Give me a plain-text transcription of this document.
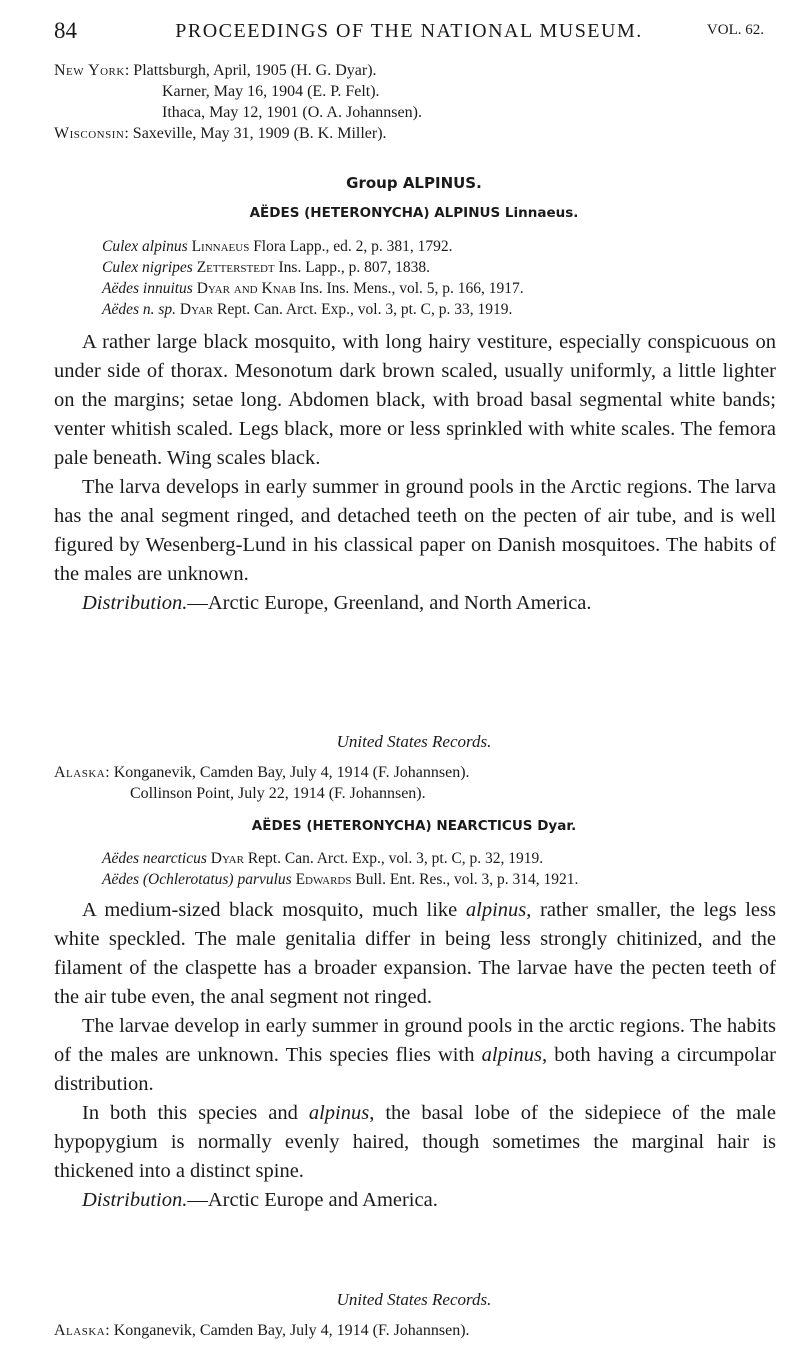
84	PROCEEDINGS OF THE NATIONAL MUSEUM.	VOL. 62.

New York: Plattsburgh, April, 1905 (H. G. Dyar).

Karner, May 16, 1904 (E. P. Felt).

Ithaca, May 12, 1901 (O. A. Johannsen).

Wisconsin: Saxeville, May 31, 1909 (B. K. Miller).

Group ALPINUS.

AËDES (HETERONYCHA) ALPINUS Linnaeus.

Culex alpinus Linnaeus Flora Lapp., ed. 2, p. 381, 1792.

Culex nigripes Zetterstedt Ins. Lapp., p. 807, 1838.

Aëdes innuitus Dyar and Knab Ins. Ins. Mens., vol. 5, p. 166, 1917.

Aëdes n. sp. Dyar Rept. Can. Arct. Exp., vol. 3, pt. C, p. 33, 1919.

A rather large black mosquito, with long hairy vestiture, especially conspicuous on under side of thorax. Mesonotum dark brown scaled, usually uniformly, a little lighter on the margins; setae long. Abdomen black, with broad basal segmental white bands; venter whitish scaled. Legs black, more or less sprinkled with white scales. The femora pale beneath. Wing scales black.

The larva develops in early summer in ground pools in the Arctic regions. The larva has the anal segment ringed, and detached teeth on the pecten of air tube, and is well figured by Wesenberg-Lund in his classical paper on Danish mosquitoes. The habits of the males are unknown.

Distribution.—Arctic Europe, Greenland, and North America.

United States Records.

Alaska: Konganevik, Camden Bay, July 4, 1914 (F. Johannsen).

Collinson Point, July 22, 1914 (F. Johannsen).

AËDES (HETERONYCHA) NEARCTICUS Dyar.

Aëdes nearcticus Dyar Rept. Can. Arct. Exp., vol. 3, pt. C, p. 32, 1919.

Aëdes (Ochlerotatus) parvulus Edwards Bull. Ent. Res., vol. 3, p. 314, 1921.

A medium-sized black mosquito, much like alpinus, rather smaller, the legs less white speckled. The male genitalia differ in being less strongly chitinized, and the filament of the claspette has a broader expansion. The larvae have the pecten teeth of the air tube even, the anal segment not ringed.

The larvae develop in early summer in ground pools in the arctic regions. The habits of the males are unknown. This species flies with alpinus, both having a circumpolar distribution.

In both this species and alpinus, the basal lobe of the sidepiece of the male hypopygium is normally evenly haired, though sometimes the marginal hair is thickened into a distinct spine.

Distribution.—Arctic Europe and America.

United States Records.

Alaska: Konganevik, Camden Bay, July 4, 1914 (F. Johannsen).
